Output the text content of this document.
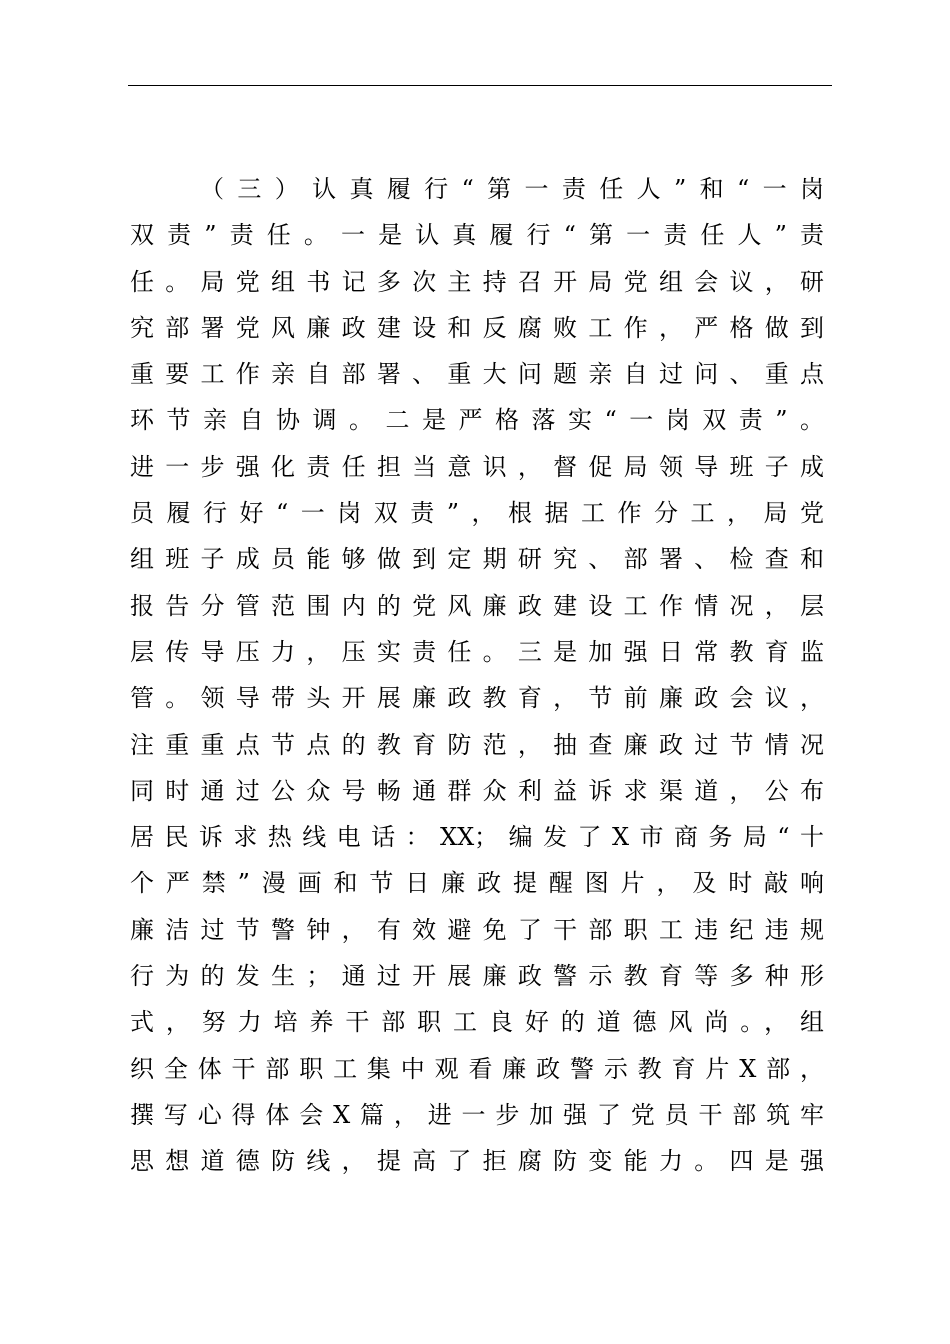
（三）认真履行“第一责任人”和“一岗
双责”责任。一是认真履行“第一责任人”责
任。局党组书记多次主持召开局党组会议，研
究部署党风廉政建设和反腐败工作，严格做到
重要工作亲自部署、重大问题亲自过问、重点
环节亲自协调。二是严格落实“一岗双责”。
进一步强化责任担当意识，督促局领导班子成
员履行好“一岗双责”，根据工作分工，局党
组班子成员能够做到定期研究、部署、检查和
报告分管范围内的党风廉政建设工作情况，层
层传导压力，压实责任。三是加强日常教育监
管。领导带头开展廉政教育，节前廉政会议，
注重重点节点的教育防范，抽查廉政过节情况
同时通过公众号畅通群众利益诉求渠道，公布
居民诉求热线电话：XX；编发了X市商务局“十
个严禁”漫画和节日廉政提醒图片，及时敲响
廉洁过节警钟，有效避免了干部职工违纪违规
行为的发生；通过开展廉政警示教育等多种形
式，努力培养干部职工良好的道德风尚。，组
织全体干部职工集中观看廉政警示教育片X部，
撰写心得体会X篇，进一步加强了党员干部筑牢
思想道德防线，提高了拒腐防变能力。四是强
